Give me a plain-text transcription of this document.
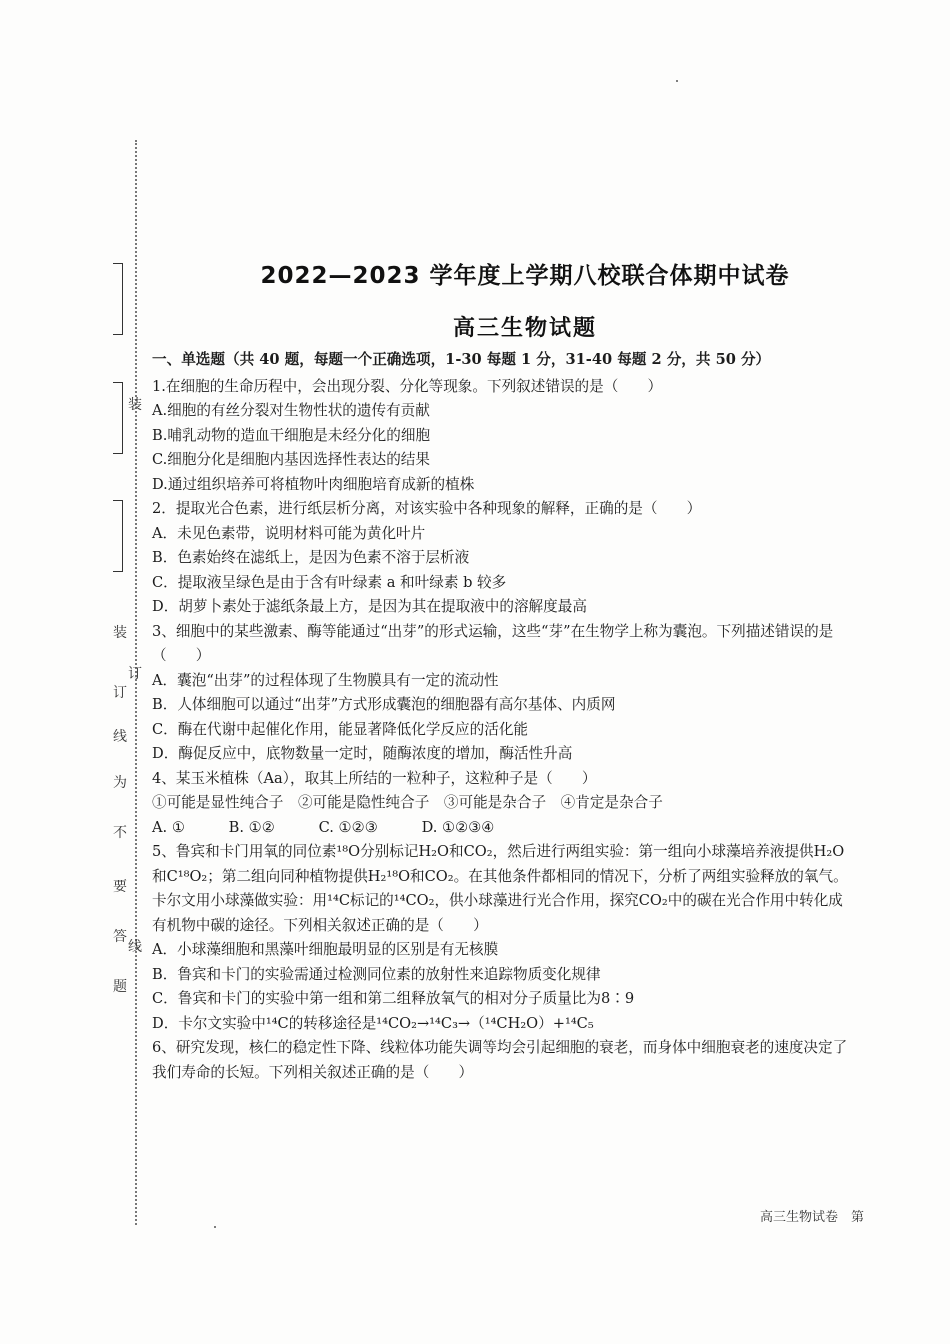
装
订
线
装
订
线
为
不
要
答
题
2022—2023 学年度上学期八校联合体期中试卷
高三生物试题
一、单选题（共 40 题，每题一个正确选项，1-30 每题 1 分，31-40 每题 2 分，共 50 分）

1.在细胞的生命历程中，会出现分裂、分化等现象。下列叙述错误的是（　　）

A.细胞的有丝分裂对生物性状的遗传有贡献

B.哺乳动物的造血干细胞是未经分化的细胞

C.细胞分化是细胞内基因选择性表达的结果

D.通过组织培养可将植物叶肉细胞培育成新的植株

2．提取光合色素，进行纸层析分离，对该实验中各种现象的解释，正确的是（　　）

A．未见色素带，说明材料可能为黄化叶片

B．色素始终在滤纸上，是因为色素不溶于层析液

C．提取液呈绿色是由于含有叶绿素 a 和叶绿素 b 较多

D．胡萝卜素处于滤纸条最上方，是因为其在提取液中的溶解度最高

3、细胞中的某些激素、酶等能通过“出芽”的形式运输，这些“芽”在生物学上称为囊泡。下列描述错误的是（　　）

A．囊泡“出芽”的过程体现了生物膜具有一定的流动性

B．人体细胞可以通过“出芽”方式形成囊泡的细胞器有高尔基体、内质网

C．酶在代谢中起催化作用，能显著降低化学反应的活化能

D．酶促反应中，底物数量一定时，随酶浓度的增加，酶活性升高

4、某玉米植株（Aa），取其上所结的一粒种子，这粒种子是（　　）

①可能是显性纯合子　②可能是隐性纯合子　③可能是杂合子　④肯定是杂合子

A. ①　　　B. ①②　　　C. ①②③　　　D. ①②③④

5、鲁宾和卡门用氧的同位素¹⁸O分别标记H₂O和CO₂，然后进行两组实验：第一组向小球藻培养液提供H₂O和C¹⁸O₂；第二组向同种植物提供H₂¹⁸O和CO₂。在其他条件都相同的情况下，分析了两组实验释放的氧气。卡尔文用小球藻做实验：用¹⁴C标记的¹⁴CO₂，供小球藻进行光合作用，探究CO₂中的碳在光合作用中转化成有机物中碳的途径。下列相关叙述正确的是（　　）

A．小球藻细胞和黑藻叶细胞最明显的区别是有无核膜

B．鲁宾和卡门的实验需通过检测同位素的放射性来追踪物质变化规律

C．鲁宾和卡门的实验中第一组和第二组释放氧气的相对分子质量比为8∶9

D．卡尔文实验中¹⁴C的转移途径是¹⁴CO₂→¹⁴C₃→（¹⁴CH₂O）+¹⁴C₅

6、研究发现，核仁的稳定性下降、线粒体功能失调等均会引起细胞的衰老，而身体中细胞衰老的速度决定了我们寿命的长短。下列相关叙述正确的是（　　）

高三生物试卷　第
